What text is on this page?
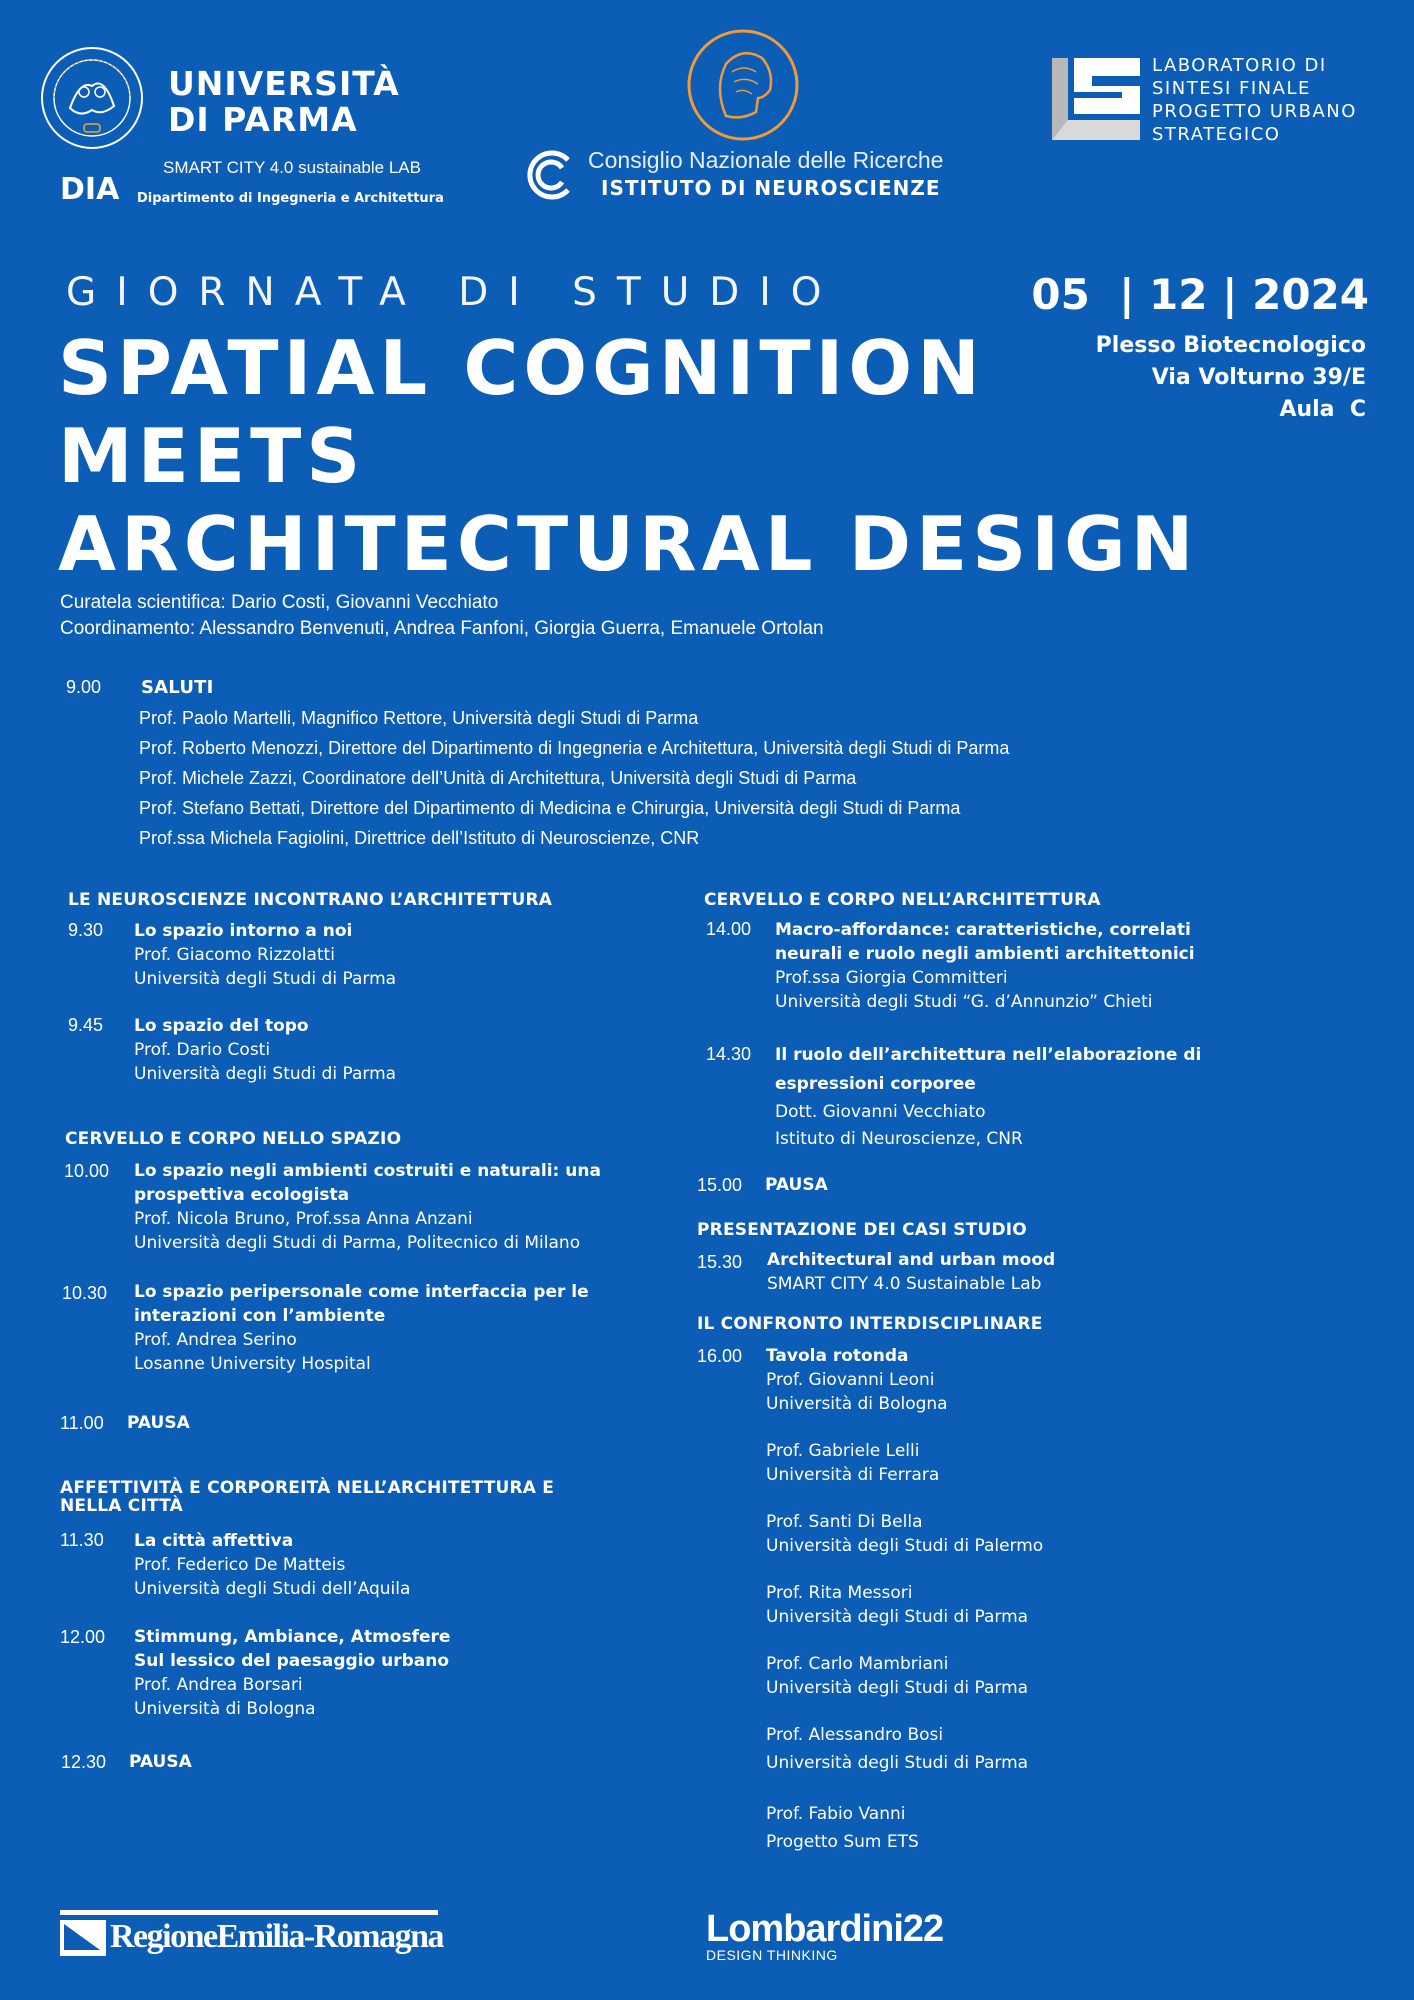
UNIVERSITÀ
DI PARMA
SMART CITY 4.0 sustainable LAB
DIA Dipartimento di Ingegneria e Architettura
Consiglio Nazionale delle Ricerche
ISTITUTO DI NEUROSCIENZE
LABORATORIO DI
SINTESI FINALE
PROGETTO URBANO
STRATEGICO
GIORNATA DI STUDIO
SPATIAL COGNITION
MEETS
ARCHITECTURAL DESIGN
05  | 12 | 2024
Plesso Biotecnologico
Via Volturno 39/E
Aula  C
Curatela scientifica: Dario Costi, Giovanni Vecchiato
Coordinamento: Alessandro Benvenuti, Andrea Fanfoni, Giorgia Guerra, Emanuele Ortolan
9.00 SALUTI
Prof. Paolo Martelli, Magnifico Rettore, Università degli Studi di Parma
Prof. Roberto Menozzi, Direttore del Dipartimento di Ingegneria e Architettura, Università degli Studi di Parma
Prof. Michele Zazzi, Coordinatore dell’Unità di Architettura, Università degli Studi di Parma
Prof. Stefano Bettati, Direttore del Dipartimento di Medicina e Chirurgia, Università degli Studi di Parma
Prof.ssa Michela Fagiolini, Direttrice dell’Istituto di Neuroscienze, CNR
LE NEUROSCIENZE INCONTRANO L’ARCHITETTURA
9.30 Lo spazio intorno a noi
Prof. Giacomo Rizzolatti
Università degli Studi di Parma
9.45 Lo spazio del topo
Prof. Dario Costi
Università degli Studi di Parma
CERVELLO E CORPO NELLO SPAZIO
10.00 Lo spazio negli ambienti costruiti e naturali: una
prospettiva ecologista
Prof. Nicola Bruno, Prof.ssa Anna Anzani
Università degli Studi di Parma, Politecnico di Milano
10.30 Lo spazio peripersonale come interfaccia per le
interazioni con l’ambiente
Prof. Andrea Serino
Losanne University Hospital
11.00 PAUSA
AFFETTIVITÀ E CORPOREITÀ NELL’ARCHITETTURA E
NELLA CITTÀ
11.30 La città affettiva
Prof. Federico De Matteis
Università degli Studi dell’Aquila
12.00 Stimmung, Ambiance, Atmosfere
Sul lessico del paesaggio urbano
Prof. Andrea Borsari
Università di Bologna
12.30 PAUSA
CERVELLO E CORPO NELL’ARCHITETTURA
14.00 Macro-affordance: caratteristiche, correlati
neurali e ruolo negli ambienti architettonici
Prof.ssa Giorgia Committeri
Università degli Studi “G. d’Annunzio” Chieti
14.30 Il ruolo dell’architettura nell’elaborazione di
espressioni corporee
Dott. Giovanni Vecchiato
Istituto di Neuroscienze, CNR
15.00 PAUSA
PRESENTAZIONE DEI CASI STUDIO
15.30 Architectural and urban mood
SMART CITY 4.0 Sustainable Lab
IL CONFRONTO INTERDISCIPLINARE
16.00 Tavola rotonda
Prof. Giovanni Leoni
Università di Bologna
Prof. Gabriele Lelli
Università di Ferrara
Prof. Santi Di Bella
Università degli Studi di Palermo
Prof. Rita Messori
Università degli Studi di Parma
Prof. Carlo Mambriani
Università degli Studi di Parma
Prof. Alessandro Bosi
Università degli Studi di Parma
Prof. Fabio Vanni
Progetto Sum ETS
RegioneEmilia-Romagna	Lombardini22
DESIGN THINKING
